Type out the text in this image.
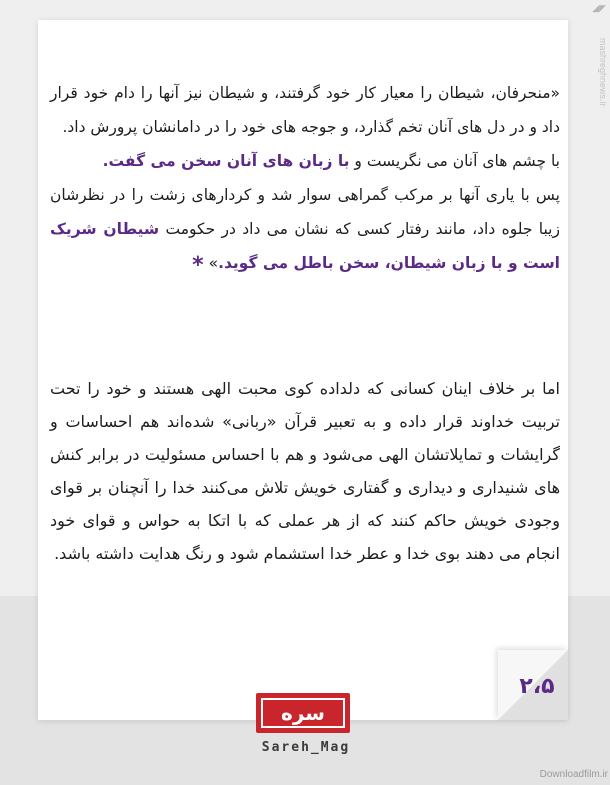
◢◤
mashreghnews.ir

«منحرفان، شیطان را معیار کار خود گرفتند، و شیطان نیز آنها را دام خود قرار داد و در دل های آنان تخم گذارد، و جوجه های خود را در دامانشان پرورش داد.

با چشم های آنان می نگریست و با زبان های آنان سخن می گفت.

پس با یاری آنها بر مرکب گمراهی سوار شد و کردارهای زشت را در نظرشان زیبا جلوه داد، مانند رفتار کسی که نشان می داد در حکومت شیطان شریک است و با زبان شیطان، سخن باطل می گوید.» *

اما بر خلاف اینان کسانی که دلداده کوی محبت الهی هستند و خود را تحت تربیت خداوند قرار داده و به تعبیر قرآن «ربانی» شده‌اند هم احساسات و گرایشات و تمایلاتشان الهی می‌شود و هم با احساس مسئولیت در برابر کنش های شنیداری و دیداری و گفتاری خویش تلاش می‌کنند خدا را آنچنان بر قوای وجودی خویش حاکم کنند که از هر عملی که با اتکا به حواس و قوای خود انجام می دهند بوی خدا و عطر خدا استشمام شود و رنگ هدایت داشته باشد.

۲،۵
سره
Sareh_Mag
Downloadfilm.ir
